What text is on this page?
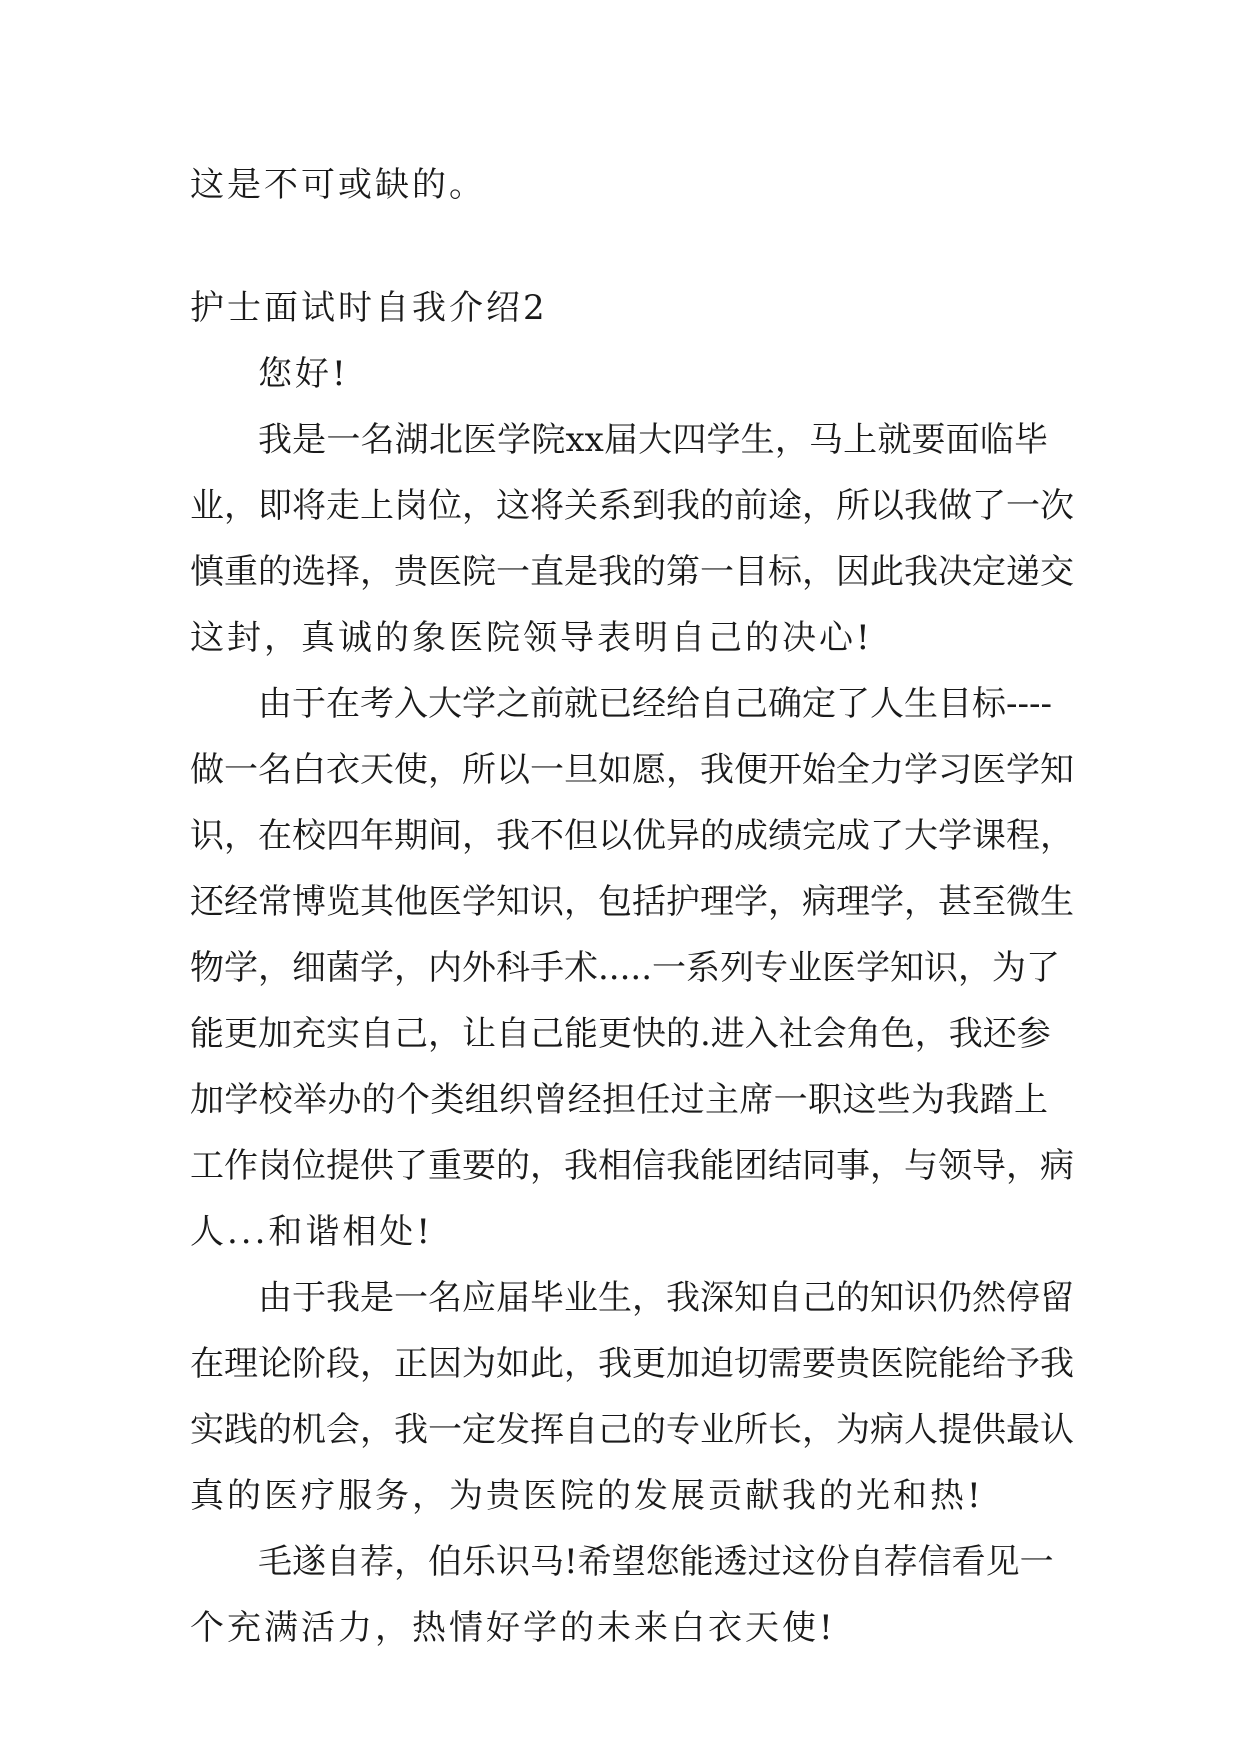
这是不可或缺的。

护士面试时自我介绍2

您好!

我是一名湖北医学院xx届大四学生，马上就要面临毕

业，即将走上岗位，这将关系到我的前途，所以我做了一次

慎重的选择，贵医院一直是我的第一目标，因此我决定递交

这封，真诚的象医院领导表明自己的决心!

由于在考入大学之前就已经给自己确定了人生目标----

做一名白衣天使，所以一旦如愿，我便开始全力学习医学知

识，在校四年期间，我不但以优异的成绩完成了大学课程，

还经常博览其他医学知识，包括护理学，病理学，甚至微生

物学，细菌学，内外科手术.....一系列专业医学知识，为了

能更加充实自己，让自己能更快的.进入社会角色，我还参

加学校举办的个类组织曾经担任过主席一职这些为我踏上

工作岗位提供了重要的，我相信我能团结同事，与领导，病

人...和谐相处!

由于我是一名应届毕业生，我深知自己的知识仍然停留

在理论阶段，正因为如此，我更加迫切需要贵医院能给予我

实践的机会，我一定发挥自己的专业所长，为病人提供最认

真的医疗服务，为贵医院的发展贡献我的光和热!

毛遂自荐，伯乐识马!希望您能透过这份自荐信看见一

个充满活力，热情好学的未来白衣天使!
